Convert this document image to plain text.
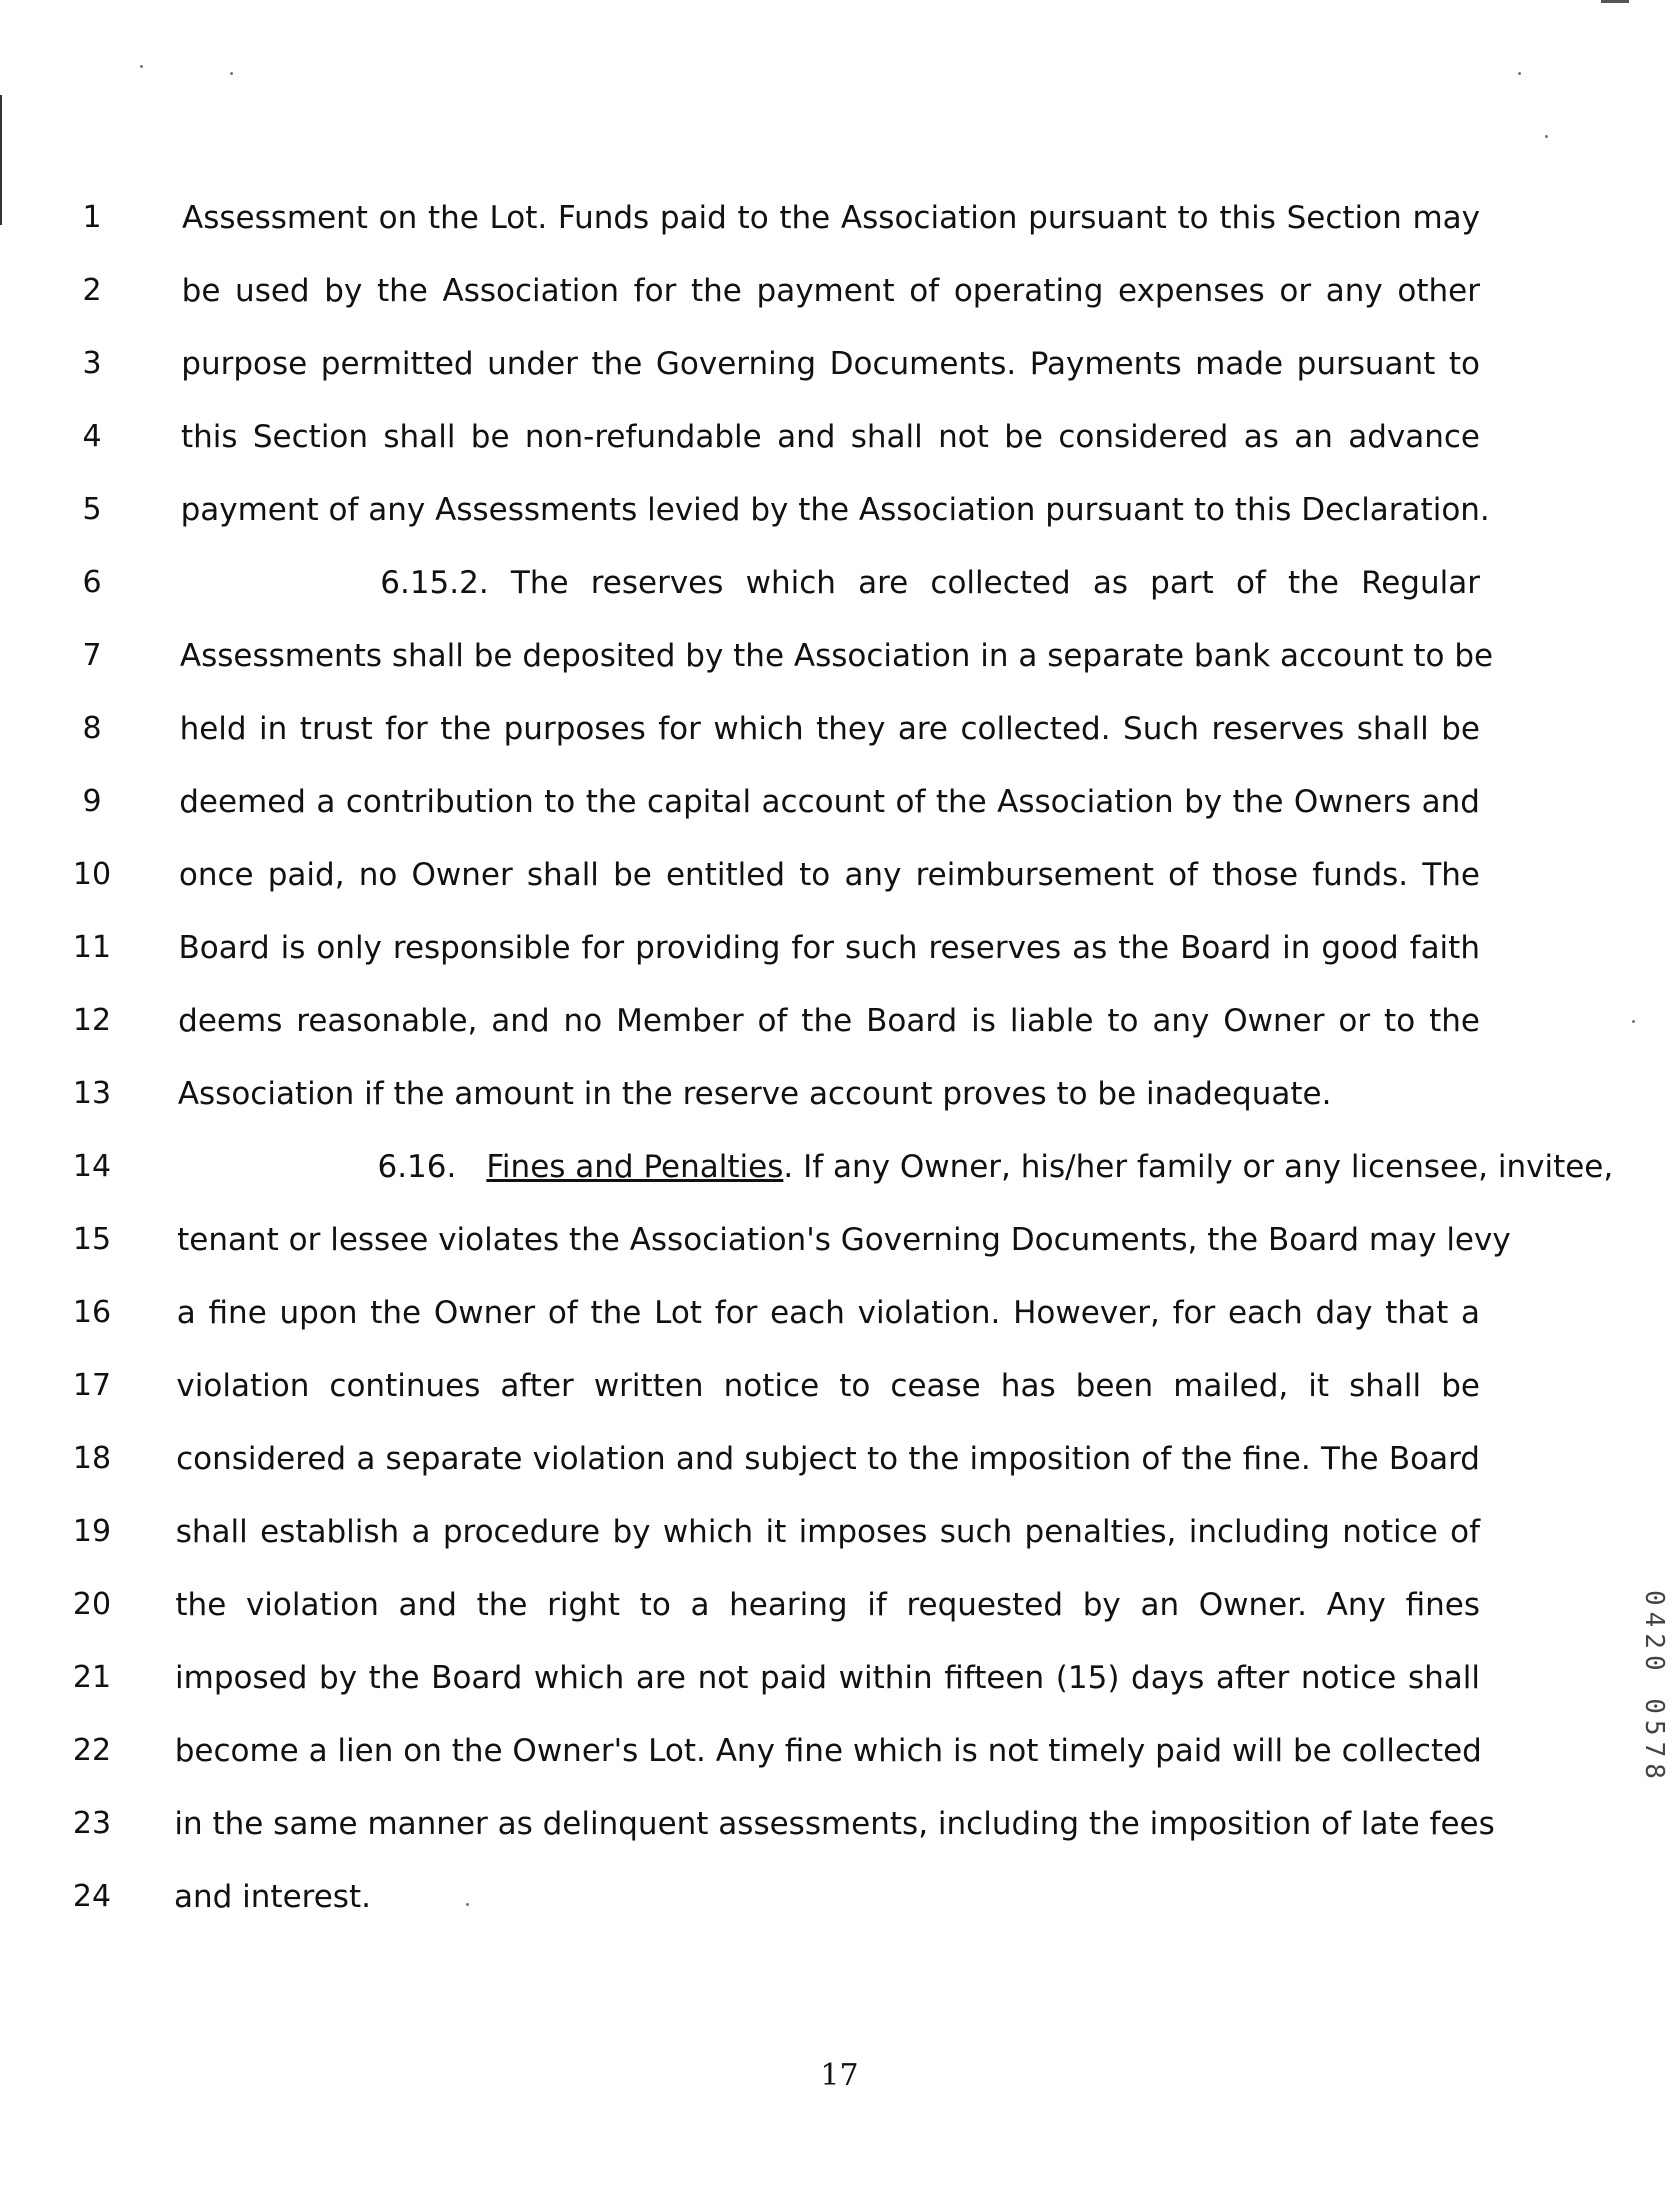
1	Assessment on the Lot. Funds paid to the Association pursuant to this Section may
2	be used by the Association for the payment of operating expenses or any other
3	purpose permitted under the Governing Documents. Payments made pursuant to
4	this Section shall be non-refundable and shall not be considered as an advance
5	payment of any Assessments levied by the Association pursuant to this Declaration.
6	6.15.2. The reserves which are collected as part of the Regular
7	Assessments shall be deposited by the Association in a separate bank account to be
8	held in trust for the purposes for which they are collected. Such reserves shall be
9	deemed a contribution to the capital account of the Association by the Owners and
10	once paid, no Owner shall be entitled to any reimbursement of those funds. The
11	Board is only responsible for providing for such reserves as the Board in good faith
12	deems reasonable, and no Member of the Board is liable to any Owner or to the
13	Association if the amount in the reserve account proves to be inadequate.
14	6.16. Fines and Penalties. If any Owner, his/her family or any licensee, invitee,
15	tenant or lessee violates the Association's Governing Documents, the Board may levy
16	a fine upon the Owner of the Lot for each violation. However, for each day that a
17	violation continues after written notice to cease has been mailed, it shall be
18	considered a separate violation and subject to the imposition of the fine. The Board
19	shall establish a procedure by which it imposes such penalties, including notice of
20	the violation and the right to a hearing if requested by an Owner. Any fines
21	imposed by the Board which are not paid within fifteen (15) days after notice shall
22	become a lien on the Owner's Lot. Any fine which is not timely paid will be collected
23	in the same manner as delinquent assessments, including the imposition of late fees
24	and interest.
17
0420 0578
